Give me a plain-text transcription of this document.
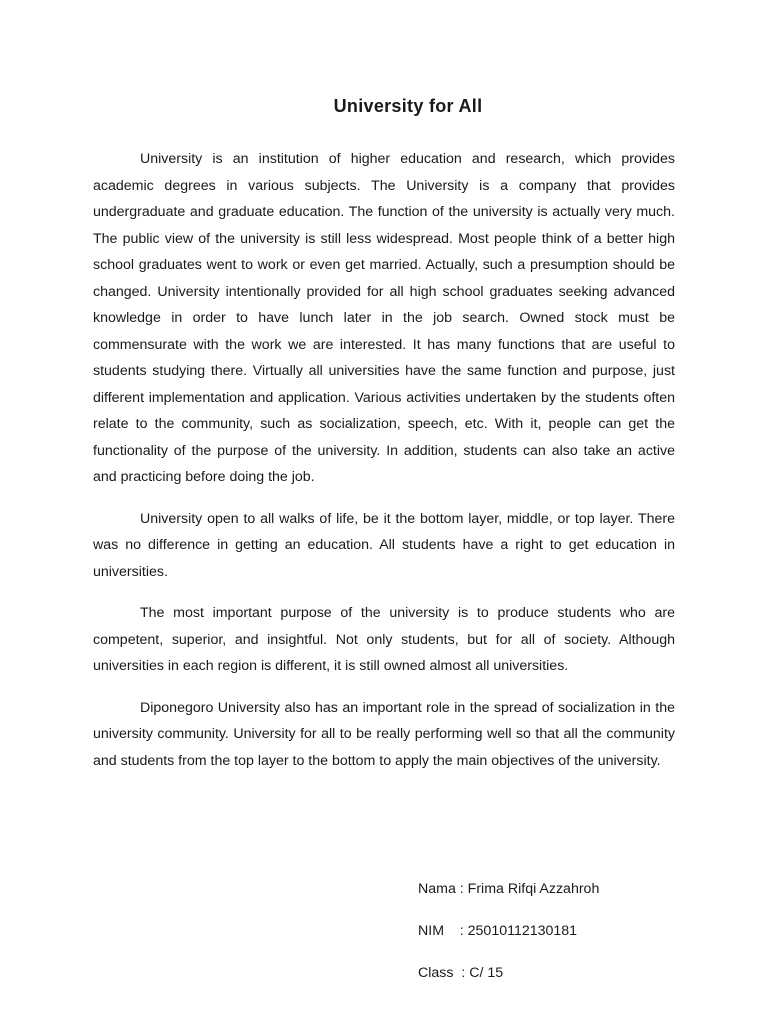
University for All

University is an institution of higher education and research, which provides academic degrees in various subjects. The University is a company that provides undergraduate and graduate education. The function of the university is actually very much. The public view of the university is still less widespread. Most people think of a better high school graduates went to work or even get married. Actually, such a presumption should be changed. University intentionally provided for all high school graduates seeking advanced knowledge in order to have lunch later in the job search. Owned stock must be commensurate with the work we are interested. It has many functions that are useful to students studying there. Virtually all universities have the same function and purpose, just different implementation and application. Various activities undertaken by the students often relate to the community, such as socialization, speech, etc. With it, people can get the functionality of the purpose of the university. In addition, students can also take an active and practicing before doing the job.

University open to all walks of life, be it the bottom layer, middle, or top layer. There was no difference in getting an education. All students have a right to get education in universities.

The most important purpose of the university is to produce students who are competent, superior, and insightful. Not only students, but for all of society. Although universities in each region is different, it is still owned almost all universities.

Diponegoro University also has an important role in the spread of socialization in the university community. University for all to be really performing well so that all the community and students from the top layer to the bottom to apply the main objectives of the university.

Nama : Frima Rifqi Azzahroh
NIM    : 25010112130181
Class  : C/ 15
